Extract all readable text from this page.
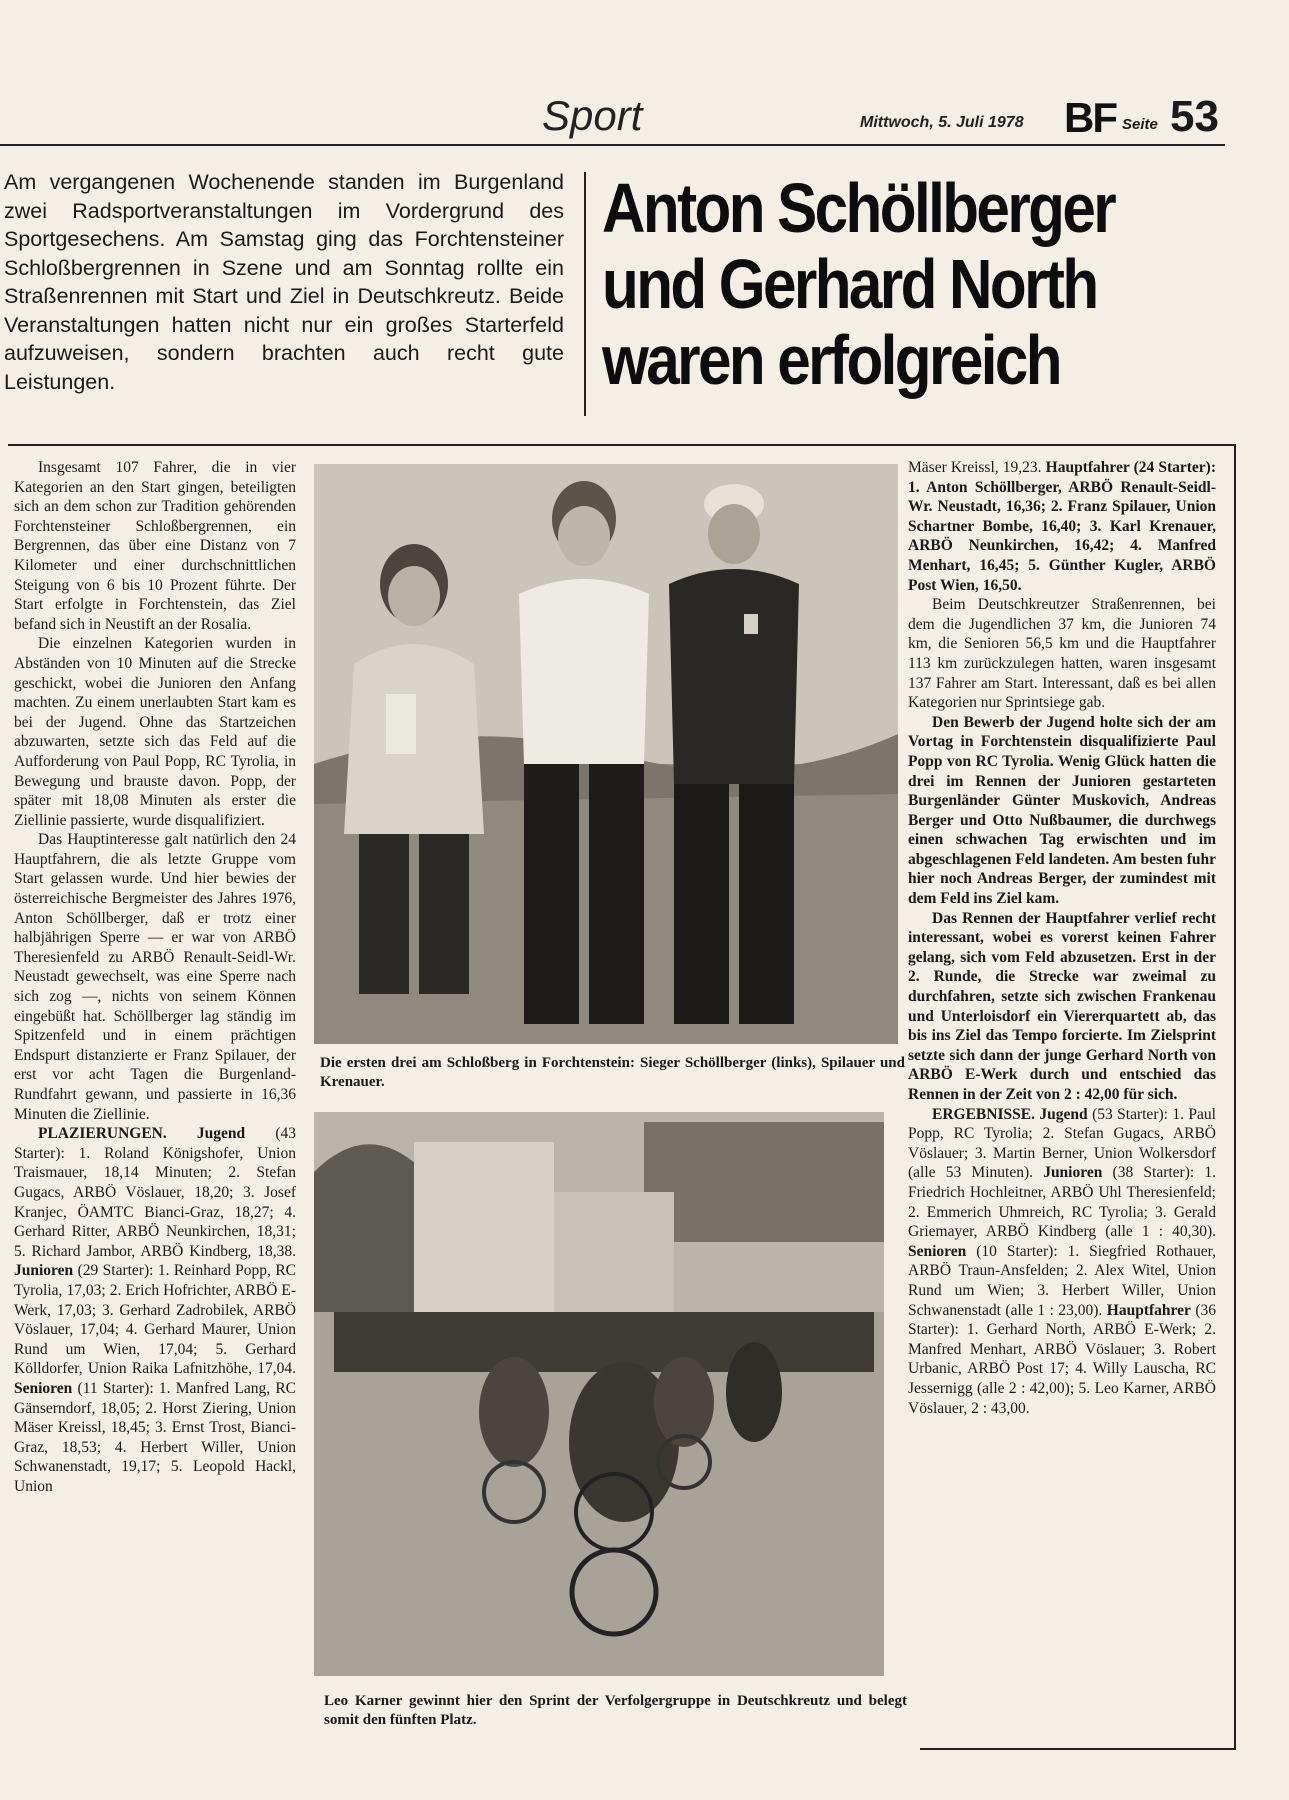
Sport	Mittwoch, 5. Juli 1978 BF Seite 53
Am vergangenen Wochenende standen im Burgenland zwei Radsportveranstaltungen im Vordergrund des Sportgesechens. Am Samstag ging das Forchtensteiner Schloßbergrennen in Szene und am Sonntag rollte ein Straßenrennen mit Start und Ziel in Deutschkreutz. Beide Veranstaltungen hatten nicht nur ein großes Starterfeld aufzuweisen, sondern brachten auch recht gute Leistungen.
Anton Schöllberger
und Gerhard North
waren erfolgreich

Insgesamt 107 Fahrer, die in vier Kategorien an den Start gingen, beteiligten sich an dem schon zur Tradition gehörenden Forchtensteiner Schloßbergrennen, ein Bergrennen, das über eine Distanz von 7 Kilometer und einer durchschnittlichen Steigung von 6 bis 10 Prozent führte. Der Start erfolgte in Forchtenstein, das Ziel befand sich in Neustift an der Rosalia.

Die einzelnen Kategorien wurden in Abständen von 10 Minuten auf die Strecke geschickt, wobei die Junioren den Anfang machten. Zu einem unerlaubten Start kam es bei der Jugend. Ohne das Startzeichen abzuwarten, setzte sich das Feld auf die Aufforderung von Paul Popp, RC Tyrolia, in Bewegung und brauste davon. Popp, der später mit 18,08 Minuten als erster die Ziellinie passierte, wurde disqualifiziert.

Das Hauptinteresse galt natürlich den 24 Hauptfahrern, die als letzte Gruppe vom Start gelassen wurde. Und hier bewies der österreichische Bergmeister des Jahres 1976, Anton Schöllberger, daß er trotz einer halbjährigen Sperre — er war von ARBÖ Theresienfeld zu ARBÖ Renault-Seidl-Wr. Neustadt gewechselt, was eine Sperre nach sich zog —, nichts von seinem Können eingebüßt hat. Schöllberger lag ständig im Spitzenfeld und in einem prächtigen Endspurt distanzierte er Franz Spilauer, der erst vor acht Tagen die Burgenland-Rundfahrt gewann, und passierte in 16,36 Minuten die Ziellinie.

PLAZIERUNGEN. Jugend (43 Starter): 1. Roland Königshofer, Union Traismauer, 18,14 Minuten; 2. Stefan Gugacs, ARBÖ Vöslauer, 18,20; 3. Josef Kranjec, ÖAMTC Bianci-Graz, 18,27; 4. Gerhard Ritter, ARBÖ Neunkirchen, 18,31; 5. Richard Jambor, ARBÖ Kindberg, 18,38. Junioren (29 Starter): 1. Reinhard Popp, RC Tyrolia, 17,03; 2. Erich Hofrichter, ARBÖ E-Werk, 17,03; 3. Gerhard Zadrobilek, ARBÖ Vöslauer, 17,04; 4. Gerhard Maurer, Union Rund um Wien, 17,04; 5. Gerhard Kölldorfer, Union Raika Lafnitzhöhe, 17,04. Senioren (11 Starter): 1. Manfred Lang, RC Gänserndorf, 18,05; 2. Horst Ziering, Union Mäser Kreissl, 18,45; 3. Ernst Trost, Bianci-Graz, 18,53; 4. Herbert Willer, Union Schwanenstadt, 19,17; 5. Leopold Hackl, Union

Die ersten drei am Schloßberg in Forchtenstein: Sieger Schöllberger (links), Spilauer und Krenauer.
Leo Karner gewinnt hier den Sprint der Verfolgergruppe in Deutschkreutz und belegt somit den fünften Platz.

Mäser Kreissl, 19,23. Hauptfahrer (24 Starter): 1. Anton Schöllberger, ARBÖ Renault-Seidl-Wr. Neustadt, 16,36; 2. Franz Spilauer, Union Schartner Bombe, 16,40; 3. Karl Krenauer, ARBÖ Neunkirchen, 16,42; 4. Manfred Menhart, 16,45; 5. Günther Kugler, ARBÖ Post Wien, 16,50.

Beim Deutschkreutzer Straßenrennen, bei dem die Jugendlichen 37 km, die Junioren 74 km, die Senioren 56,5 km und die Hauptfahrer 113 km zurückzulegen hatten, waren insgesamt 137 Fahrer am Start. Interessant, daß es bei allen Kategorien nur Sprintsiege gab.

Den Bewerb der Jugend holte sich der am Vortag in Forchtenstein disqualifizierte Paul Popp von RC Tyrolia. Wenig Glück hatten die drei im Rennen der Junioren gestarteten Burgenländer Günter Muskovich, Andreas Berger und Otto Nußbaumer, die durchwegs einen schwachen Tag erwischten und im abgeschlagenen Feld landeten. Am besten fuhr hier noch Andreas Berger, der zumindest mit dem Feld ins Ziel kam.

Das Rennen der Hauptfahrer verlief recht interessant, wobei es vorerst keinen Fahrer gelang, sich vom Feld abzusetzen. Erst in der 2. Runde, die Strecke war zweimal zu durchfahren, setzte sich zwischen Frankenau und Unterloisdorf ein Viererquartett ab, das bis ins Ziel das Tempo forcierte. Im Zielsprint setzte sich dann der junge Gerhard North von ARBÖ E-Werk durch und entschied das Rennen in der Zeit von 2 : 42,00 für sich.

ERGEBNISSE. Jugend (53 Starter): 1. Paul Popp, RC Tyrolia; 2. Stefan Gugacs, ARBÖ Vöslauer; 3. Martin Berner, Union Wolkersdorf (alle 53 Minuten). Junioren (38 Starter): 1. Friedrich Hochleitner, ARBÖ Uhl Theresienfeld; 2. Emmerich Uhmreich, RC Tyrolia; 3. Gerald Griemayer, ARBÖ Kindberg (alle 1 : 40,30). Senioren (10 Starter): 1. Siegfried Rothauer, ARBÖ Traun-Ansfelden; 2. Alex Witel, Union Rund um Wien; 3. Herbert Willer, Union Schwanenstadt (alle 1 : 23,00). Hauptfahrer (36 Starter): 1. Gerhard North, ARBÖ E-Werk; 2. Manfred Menhart, ARBÖ Vöslauer; 3. Robert Urbanic, ARBÖ Post 17; 4. Willy Lauscha, RC Jessernigg (alle 2 : 42,00); 5. Leo Karner, ARBÖ Vöslauer, 2 : 43,00.
